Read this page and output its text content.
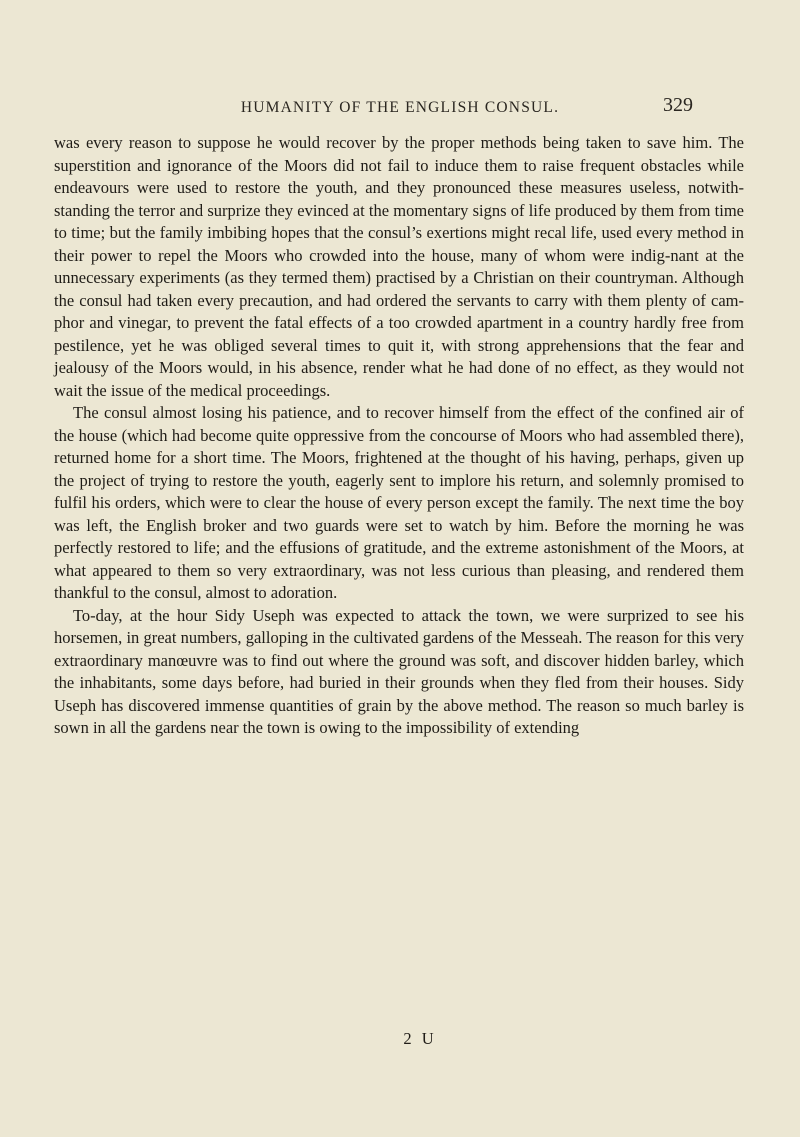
HUMANITY OF THE ENGLISH CONSUL.	329

was every reason to suppose he would recover by the proper methods being taken to save him. The superstition and ignorance of the Moors did not fail to induce them to raise frequent obstacles while endeavours were used to restore the youth, and they pronounced these measures useless, notwith-standing the terror and surprize they evinced at the momentary signs of life produced by them from time to time; but the family imbibing hopes that the consul’s exertions might recal life, used every method in their power to repel the Moors who crowded into the house, many of whom were indig-nant at the unnecessary experiments (as they termed them) practised by a Christian on their countryman. Although the consul had taken every precaution, and had ordered the servants to carry with them plenty of cam-phor and vinegar, to prevent the fatal effects of a too crowded apartment in a country hardly free from pestilence, yet he was obliged several times to quit it, with strong apprehensions that the fear and jealousy of the Moors would, in his absence, render what he had done of no effect, as they would not wait the issue of the medical proceedings.

The consul almost losing his patience, and to recover himself from the effect of the confined air of the house (which had become quite oppressive from the concourse of Moors who had assembled there), returned home for a short time. The Moors, frightened at the thought of his having, perhaps, given up the project of trying to restore the youth, eagerly sent to implore his return, and solemnly promised to fulfil his orders, which were to clear the house of every person except the family. The next time the boy was left, the English broker and two guards were set to watch by him. Before the morning he was perfectly restored to life; and the effusions of gratitude, and the extreme astonishment of the Moors, at what appeared to them so very extraordinary, was not less curious than pleasing, and rendered them thankful to the consul, almost to adoration.

To-day, at the hour Sidy Useph was expected to attack the town, we were surprized to see his horsemen, in great numbers, galloping in the cultivated gardens of the Messeah. The reason for this very extraordinary manœuvre was to find out where the ground was soft, and discover hidden barley, which the inhabitants, some days before, had buried in their grounds when they fled from their houses. Sidy Useph has discovered immense quantities of grain by the above method. The reason so much barley is sown in all the gardens near the town is owing to the impossibility of extending

2 U
